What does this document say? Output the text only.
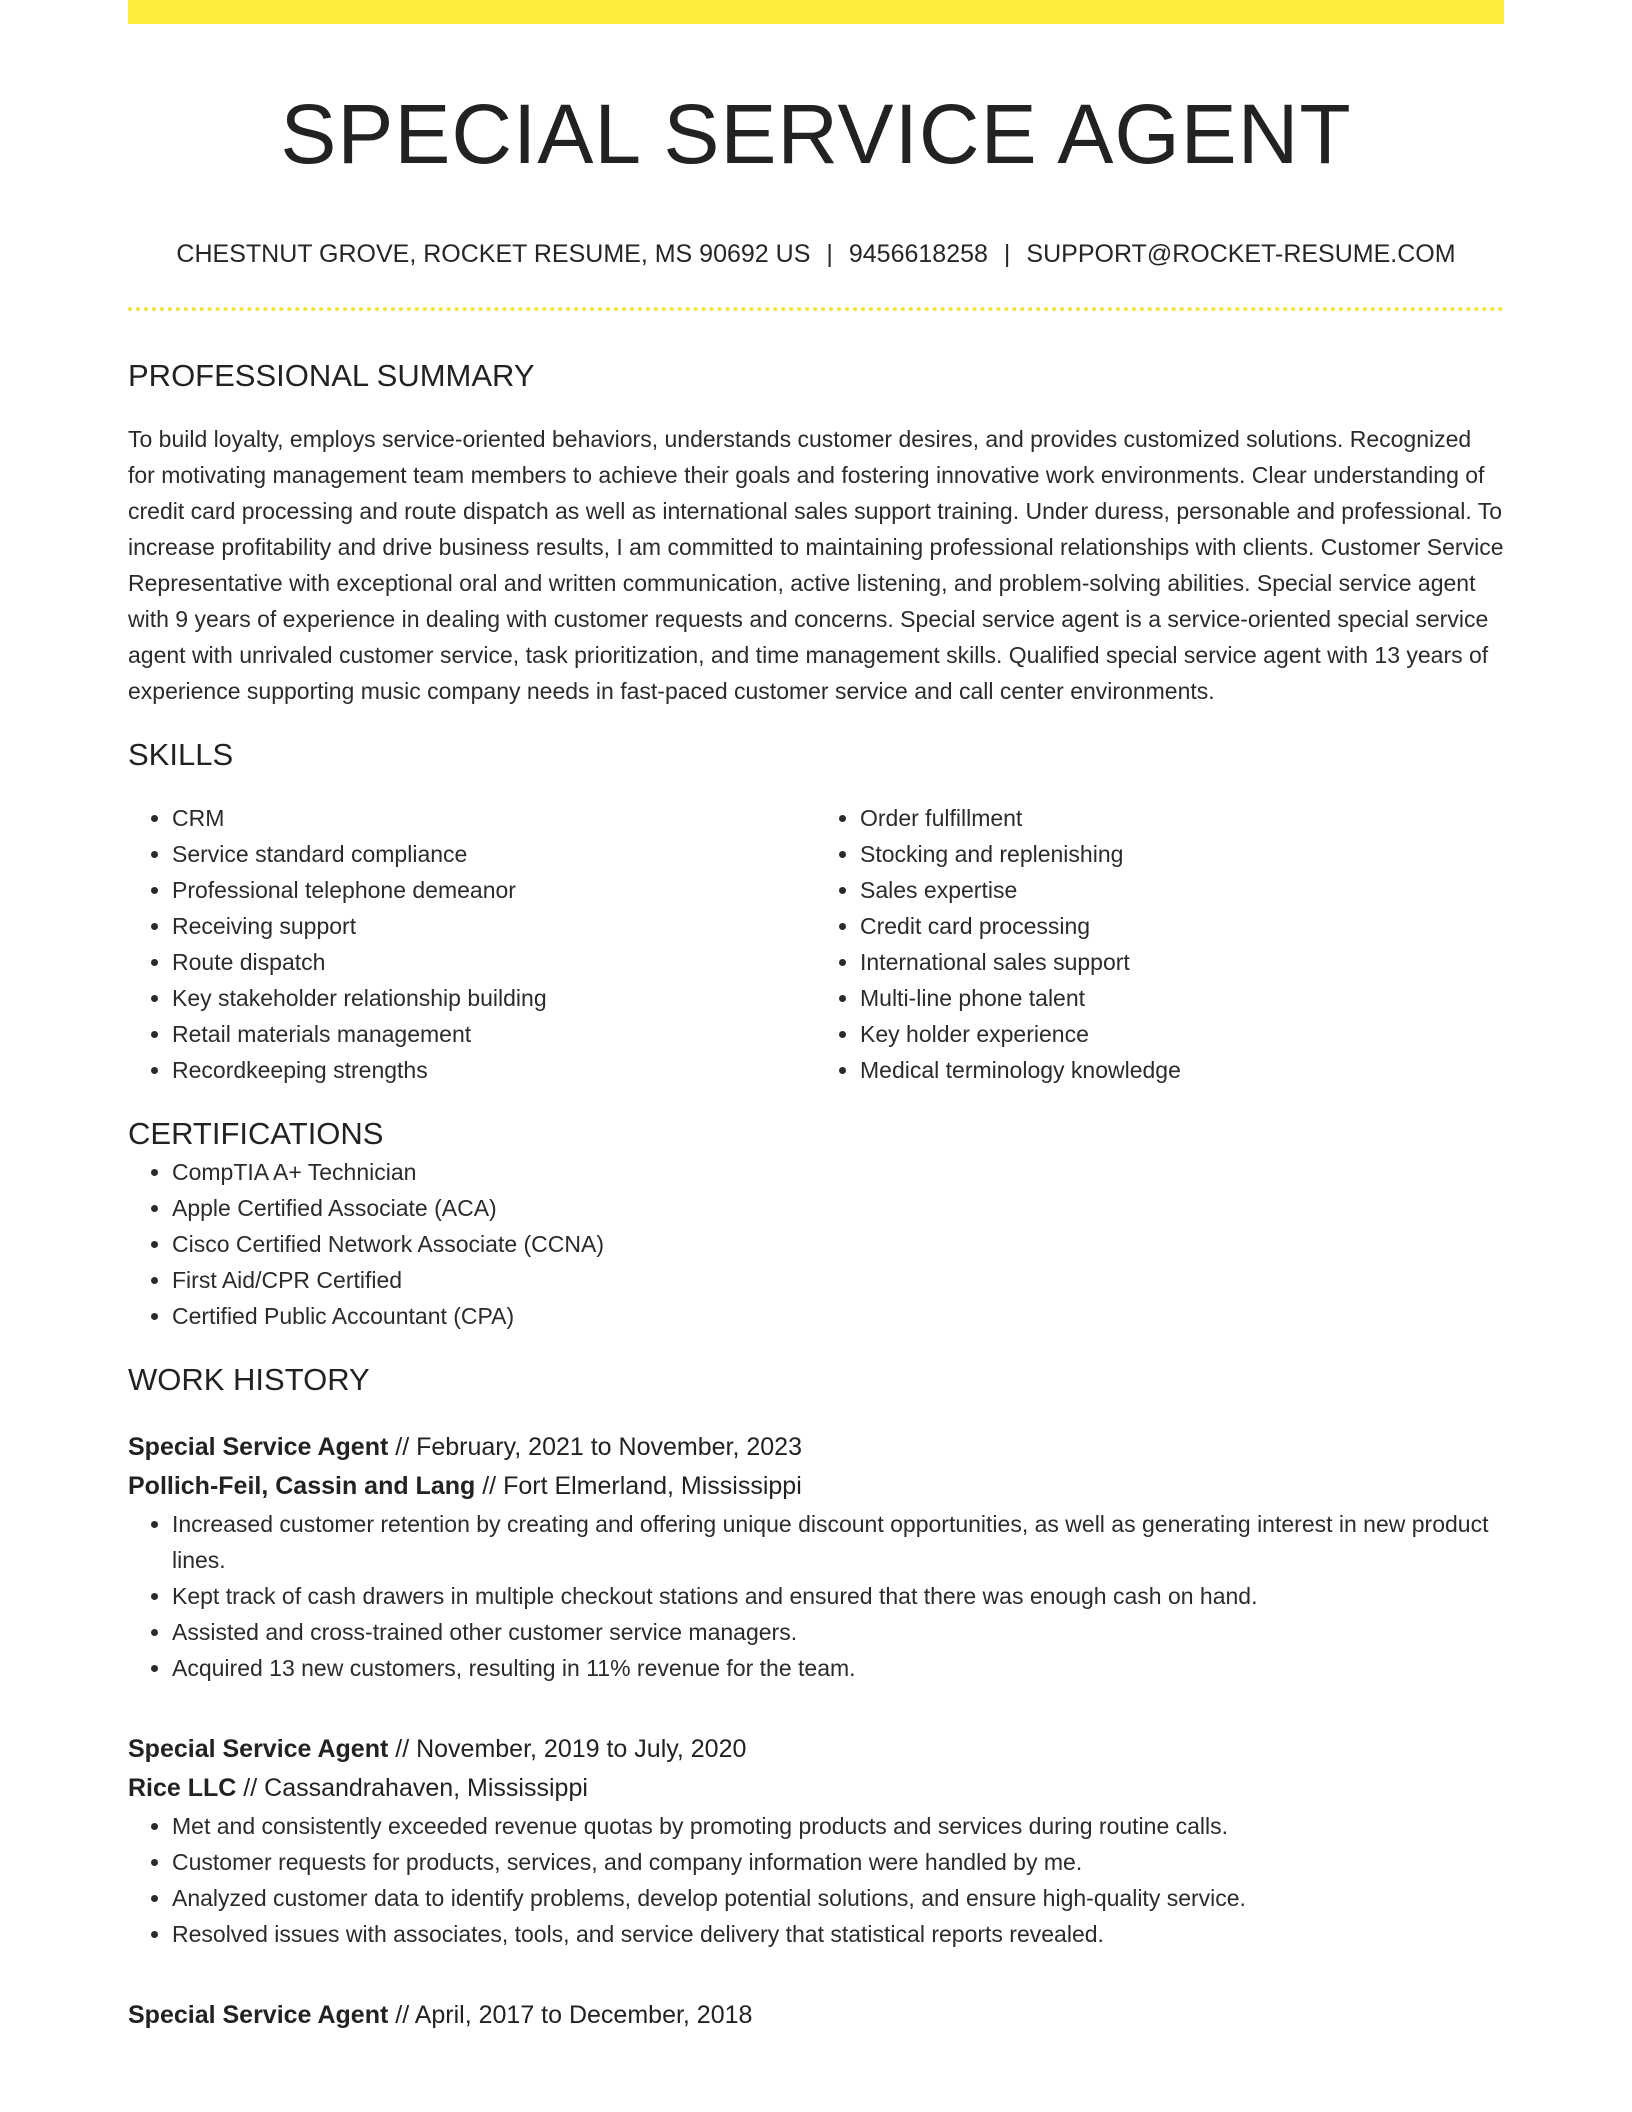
SPECIAL SERVICE AGENT
CHESTNUT GROVE, ROCKET RESUME, MS 90692 US | 9456618258 | SUPPORT@ROCKET-RESUME.COM
PROFESSIONAL SUMMARY

To build loyalty, employs service-oriented behaviors, understands customer desires, and provides customized solutions. Recognized for motivating management team members to achieve their goals and fostering innovative work environments. Clear understanding of credit card processing and route dispatch as well as international sales support training. Under duress, personable and professional. To increase profitability and drive business results, I am committed to maintaining professional relationships with clients. Customer Service Representative with exceptional oral and written communication, active listening, and problem-solving abilities. Special service agent with 9 years of experience in dealing with customer requests and concerns. Special service agent is a service-oriented special service agent with unrivaled customer service, task prioritization, and time management skills. Qualified special service agent with 13 years of experience supporting music company needs in fast-paced customer service and call center environments.

SKILLS
• CRM
• Service standard compliance
• Professional telephone demeanor
• Receiving support
• Route dispatch
• Key stakeholder relationship building
• Retail materials management
• Recordkeeping strengths
• Order fulfillment
• Stocking and replenishing
• Sales expertise
• Credit card processing
• International sales support
• Multi-line phone talent
• Key holder experience
• Medical terminology knowledge
CERTIFICATIONS
• CompTIA A+ Technician
• Apple Certified Associate (ACA)
• Cisco Certified Network Associate (CCNA)
• First Aid/CPR Certified
• Certified Public Accountant (CPA)
WORK HISTORY
Special Service Agent // February, 2021 to November, 2023
Pollich-Feil, Cassin and Lang // Fort Elmerland, Mississippi
• Increased customer retention by creating and offering unique discount opportunities, as well as generating interest in new product lines.
• Kept track of cash drawers in multiple checkout stations and ensured that there was enough cash on hand.
• Assisted and cross-trained other customer service managers.
• Acquired 13 new customers, resulting in 11% revenue for the team.
Special Service Agent // November, 2019 to July, 2020
Rice LLC // Cassandrahaven, Mississippi
• Met and consistently exceeded revenue quotas by promoting products and services during routine calls.
• Customer requests for products, services, and company information were handled by me.
• Analyzed customer data to identify problems, develop potential solutions, and ensure high-quality service.
• Resolved issues with associates, tools, and service delivery that statistical reports revealed.
Special Service Agent // April, 2017 to December, 2018
